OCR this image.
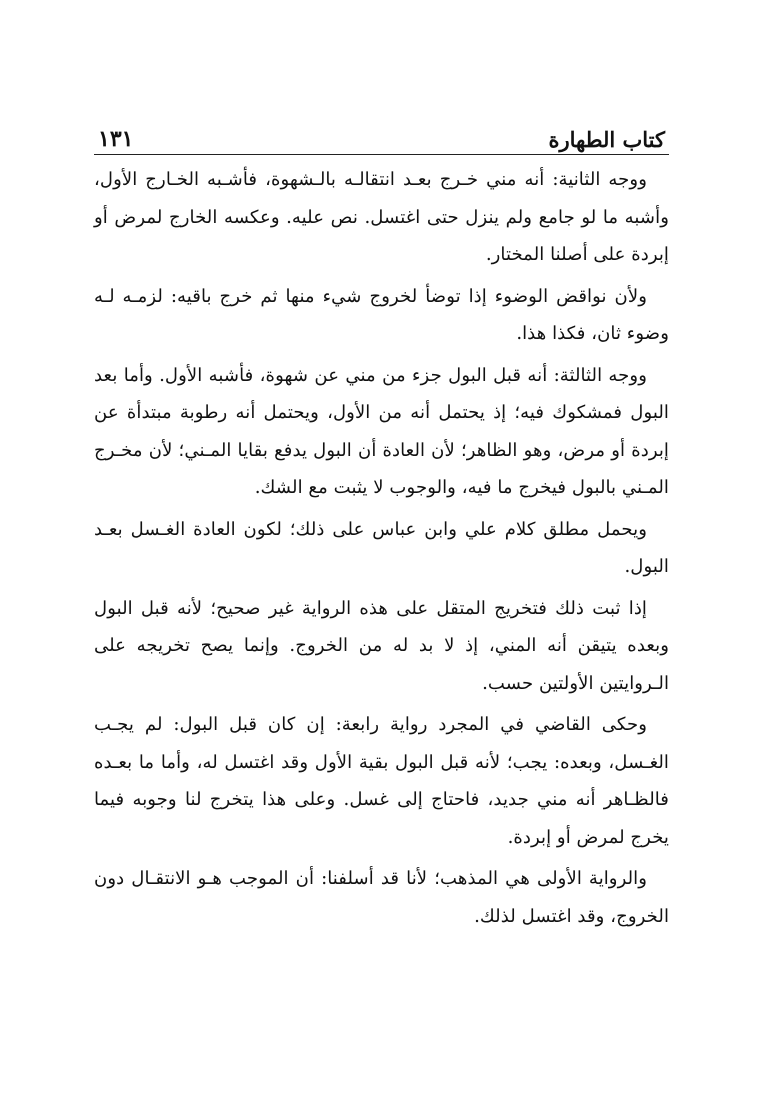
كتاب الطهارة
١٣١

ووجه الثانية: أنه مني خـرج بعـد انتقالـه بالـشهوة، فأشـبه الخـارج الأول، وأشبه ما لو جامع ولم ينزل حتى اغتسل. نص عليه. وعكسه الخارج لمرض أو إبردة على أصلنا المختار.

ولأن نواقض الوضوء إذا توضأ لخروج شيء منها ثم خرج باقيه: لزمـه لـه وضوء ثان، فكذا هذا.

ووجه الثالثة: أنه قبل البول جزء من مني عن شهوة، فأشبه الأول. وأما بعد البول فمشكوك فيه؛ إذ يحتمل أنه من الأول، ويحتمل أنه رطوبة مبتدأة عن إبردة أو مرض، وهو الظاهر؛ لأن العادة أن البول يدفع بقايا المـني؛ لأن مخـرج المـني بالبول فيخرج ما فيه، والوجوب لا يثبت مع الشك.

ويحمل مطلق كلام علي وابن عباس على ذلك؛ لكون العادة الغـسل بعـد البول.

إذا ثبت ذلك فتخريج المتقل على هذه الرواية غير صحيح؛ لأنه قبل البول وبعده يتيقن أنه المني، إذ لا بد له من الخروج. وإنما يصح تخريجه على الـروايتين الأولتين حسب.

وحكى القاضي في المجرد رواية رابعة: إن كان قبل البول: لم يجـب الغـسل، وبعده: يجب؛ لأنه قبل البول بقية الأول وقد اغتسل له، وأما ما بعـده فالظـاهر أنه مني جديد، فاحتاج إلى غسل. وعلى هذا يتخرج لنا وجوبه فيما يخرج لمرض أو إبردة.

والرواية الأولى هي المذهب؛ لأنا قد أسلفنا: أن الموجب هـو الانتقـال دون الخروج، وقد اغتسل لذلك.
